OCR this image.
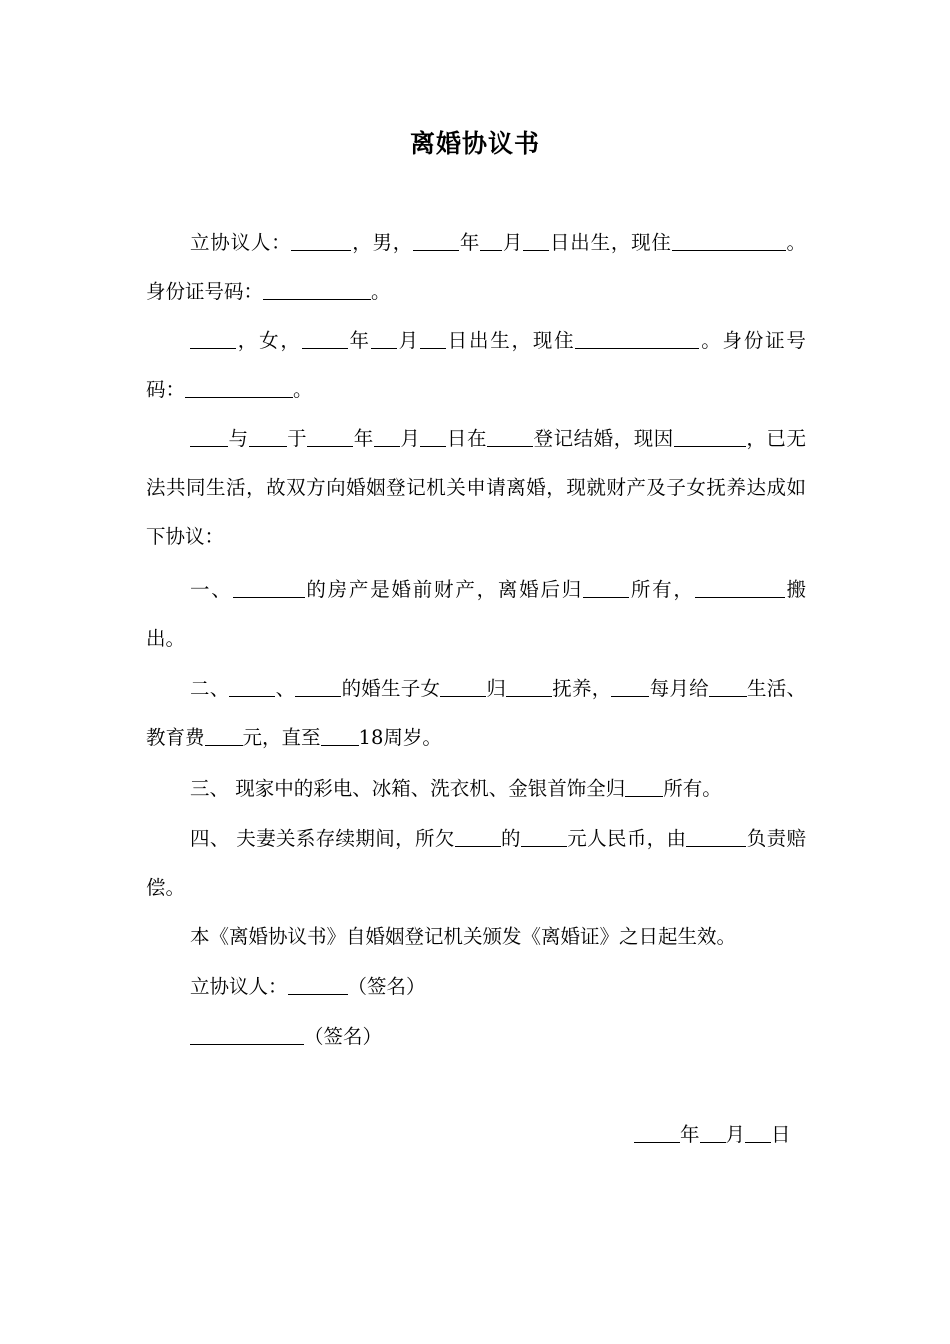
离婚协议书
立协议人：	，男， 年 月 日出生，现住	。身份证号码：	。
，女， 年 月 日出生，现住	。身份证号码：	。
与 于 年 月 日在 登记结婚，现因	，已无法共同生活，故双方向婚姻登记机关申请离婚，现就财产及子女抚养达成如下协议：
一、	的房产是婚前财产，离婚后归 所有，	搬出。
二、 、 的婚生子女 归 抚养， 每月给 生活、教育费 元，直至 18周岁。
三、 现家中的彩电、冰箱、洗衣机、金银首饰全归 所有。
四、 夫妻关系存续期间，所欠 的 元人民币，由	负责赔偿。
本《离婚协议书》自婚姻登记机关颁发《离婚证》之日起生效。
立协议人：	（签名）
（签名）
年 月 日
